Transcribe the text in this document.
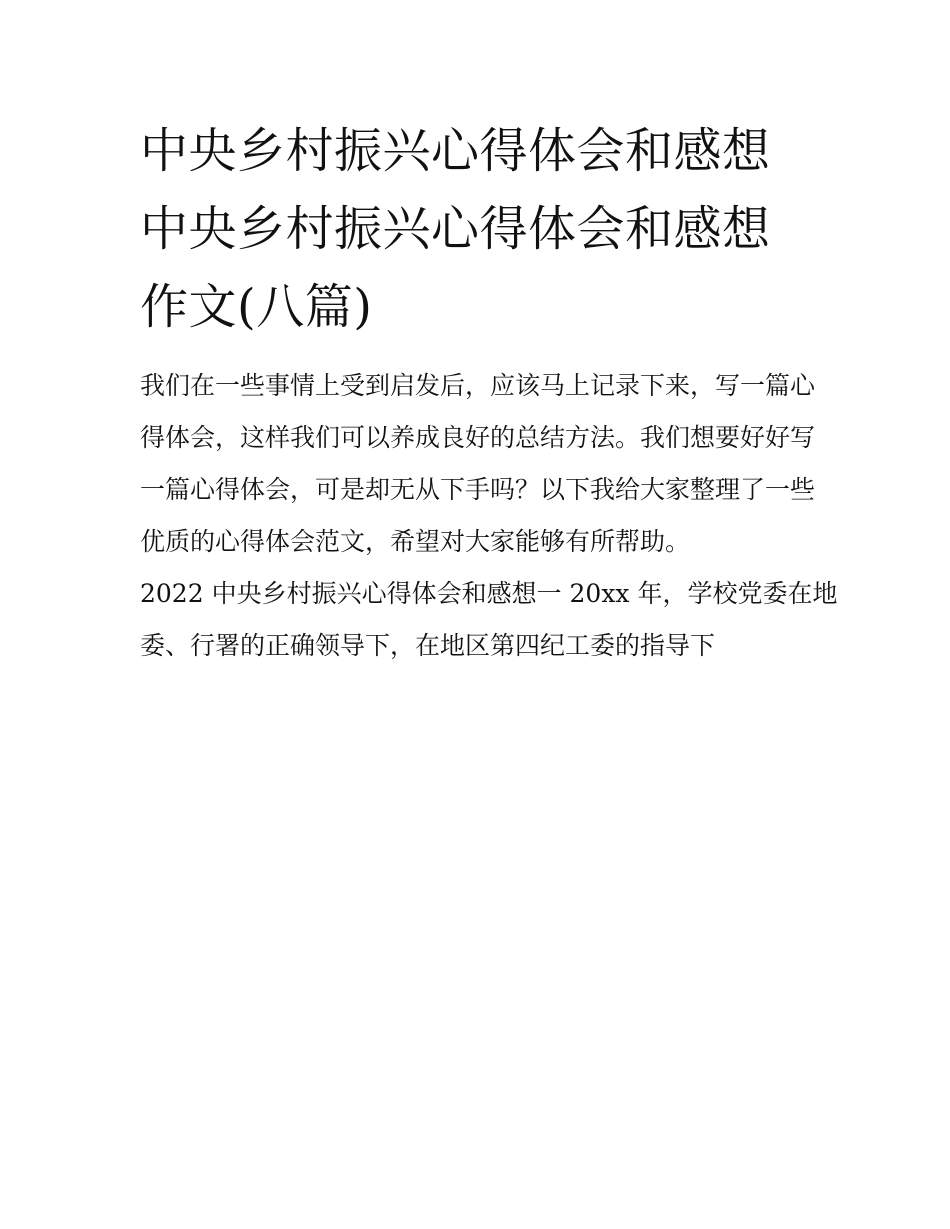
中央乡村振兴心得体会和感想
中央乡村振兴心得体会和感想
作文(八篇)

我们在一些事情上受到启发后，应该马上记录下来，写一篇心
得体会，这样我们可以养成良好的总结方法。我们想要好好写
一篇心得体会，可是却无从下手吗？以下我给大家整理了一些
优质的心得体会范文，希望对大家能够有所帮助。

2022 中央乡村振兴心得体会和感想一 20xx 年，学校党委在地
委、行署的正确领导下，在地区第四纪工委的指导下
